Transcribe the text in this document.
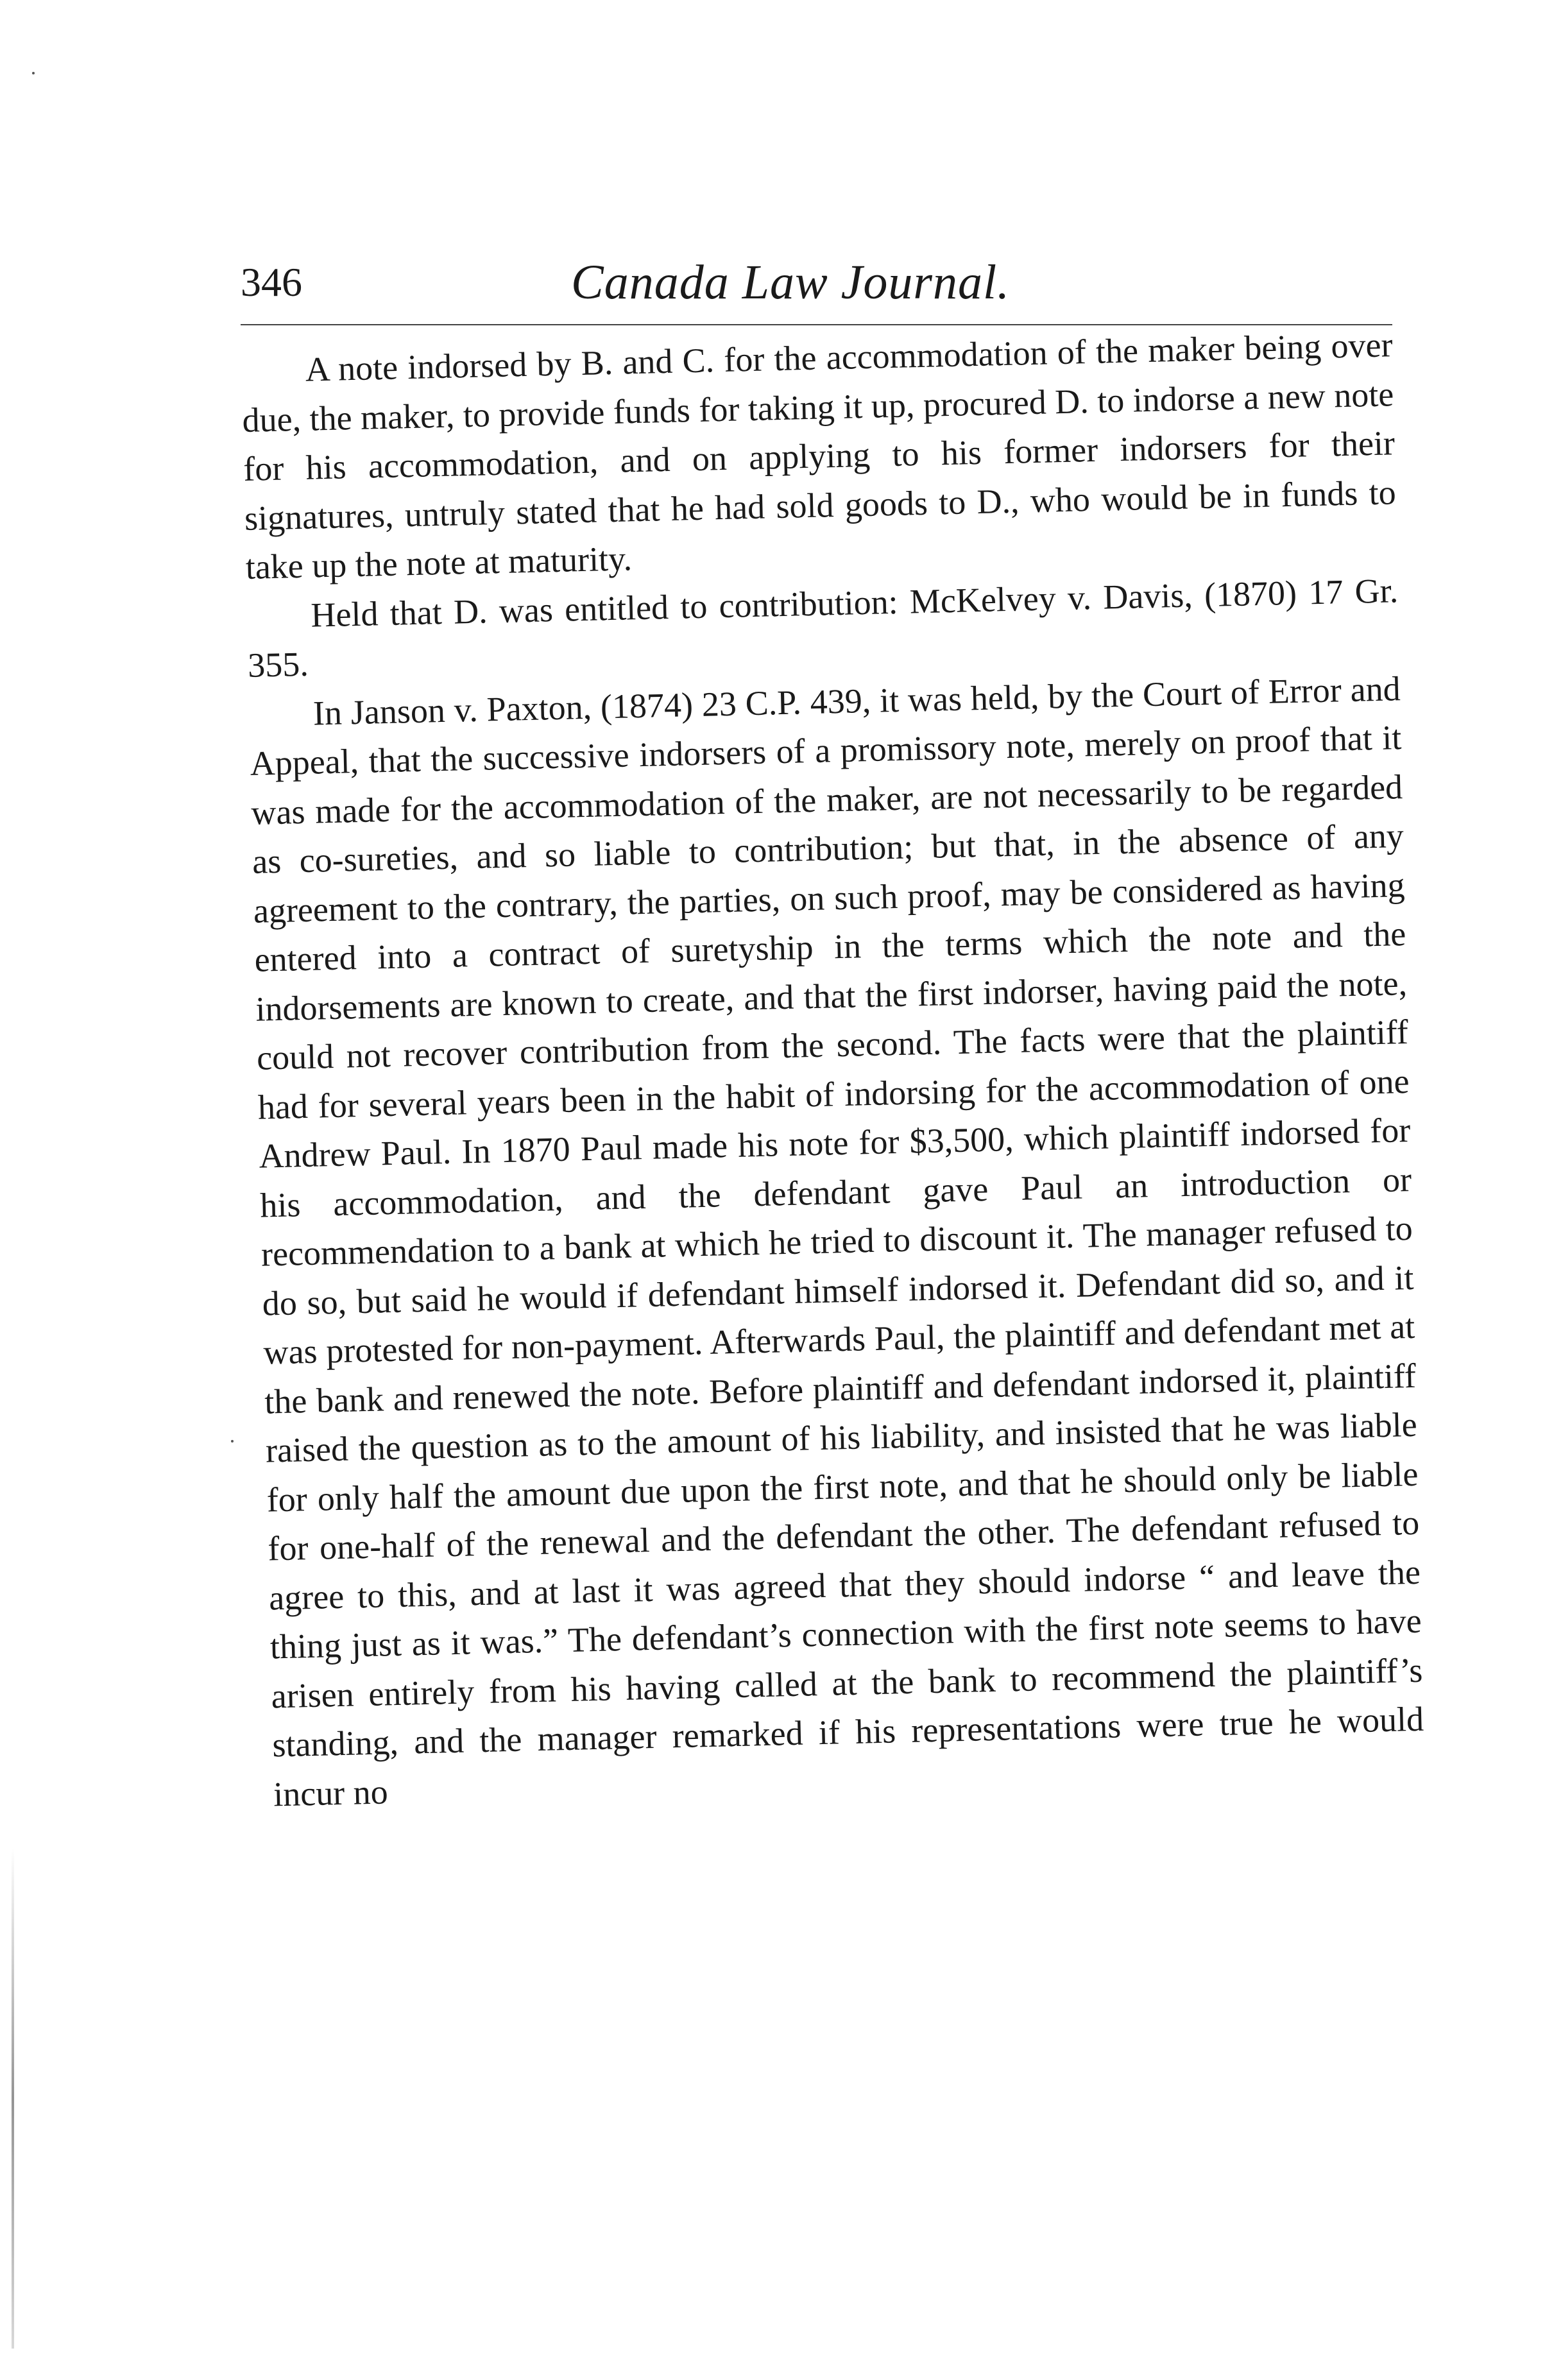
346	Canada Law Journal.

A note indorsed by B. and C. for the accommodation of the maker being over due, the maker, to provide funds for taking it up, procured D. to indorse a new note for his accommodation, and on applying to his former indorsers for their signatures, untruly stated that he had sold goods to D., who would be in funds to take up the note at maturity.

Held that D. was entitled to contribution: McKelvey v. Davis, (1870) 17 Gr. 355.

In Janson v. Paxton, (1874) 23 C.P. 439, it was held, by the Court of Error and Appeal, that the successive indorsers of a promissory note, merely on proof that it was made for the accommodation of the maker, are not necessarily to be regarded as co-sureties, and so liable to contribution; but that, in the absence of any agreement to the contrary, the parties, on such proof, may be considered as having entered into a contract of suretyship in the terms which the note and the indorsements are known to create, and that the first indorser, having paid the note, could not recover contribution from the second. The facts were that the plaintiff had for several years been in the habit of indorsing for the accommodation of one Andrew Paul. In 1870 Paul made his note for $3,500, which plaintiff indorsed for his accommodation, and the defendant gave Paul an introduction or recommendation to a bank at which he tried to discount it. The manager refused to do so, but said he would if defendant himself indorsed it. Defendant did so, and it was protested for non-payment. Afterwards Paul, the plaintiff and defendant met at the bank and renewed the note. Before plaintiff and defendant indorsed it, plaintiff raised the question as to the amount of his liability, and insisted that he was liable for only half the amount due upon the first note, and that he should only be liable for one-half of the renewal and the defendant the other. The defendant refused to agree to this, and at last it was agreed that they should indorse “ and leave the thing just as it was.” The defendant’s connection with the first note seems to have arisen entirely from his having called at the bank to recommend the plaintiff’s standing, and the manager remarked if his representations were true he would incur no
